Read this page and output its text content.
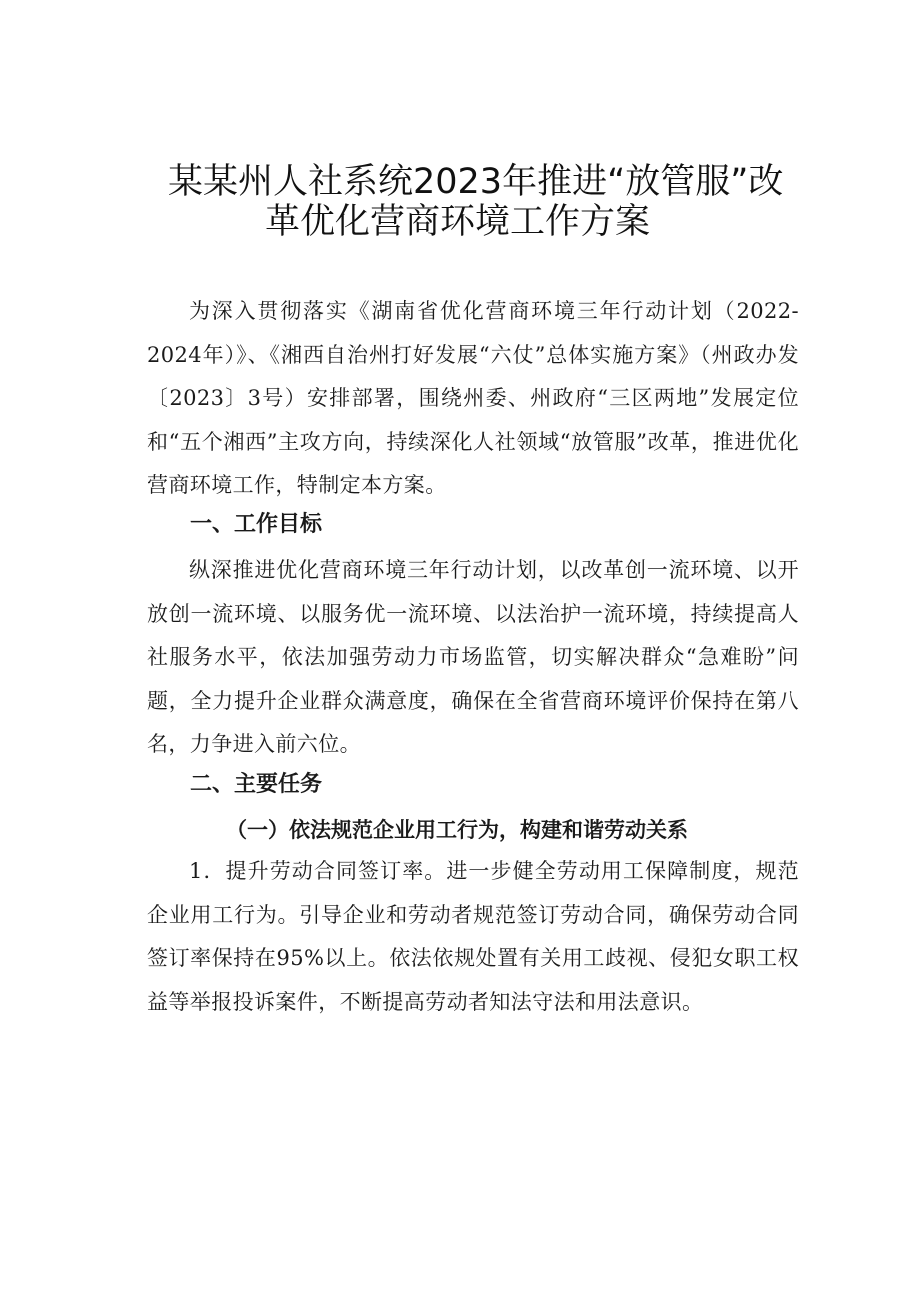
某某州人社系统2023年推进“放管服”改
革优化营商环境工作方案

为深入贯彻落实《湖南省优化营商环境三年行动计划（2022-2024年）》、《湘西自治州打好发展“六仗”总体实施方案》（州政办发〔2023〕3号）安排部署，围绕州委、州政府“三区两地”发展定位和“五个湘西”主攻方向，持续深化人社领域“放管服”改革，推进优化营商环境工作，特制定本方案。

一、工作目标

纵深推进优化营商环境三年行动计划，以改革创一流环境、以开放创一流环境、以服务优一流环境、以法治护一流环境，持续提高人社服务水平，依法加强劳动力市场监管，切实解决群众“急难盼”问题，全力提升企业群众满意度，确保在全省营商环境评价保持在第八名，力争进入前六位。

二、主要任务
（一）依法规范企业用工行为，构建和谐劳动关系

1．提升劳动合同签订率。进一步健全劳动用工保障制度，规范企业用工行为。引导企业和劳动者规范签订劳动合同，确保劳动合同签订率保持在95%以上。依法依规处置有关用工歧视、侵犯女职工权益等举报投诉案件，不断提高劳动者知法守法和用法意识。
